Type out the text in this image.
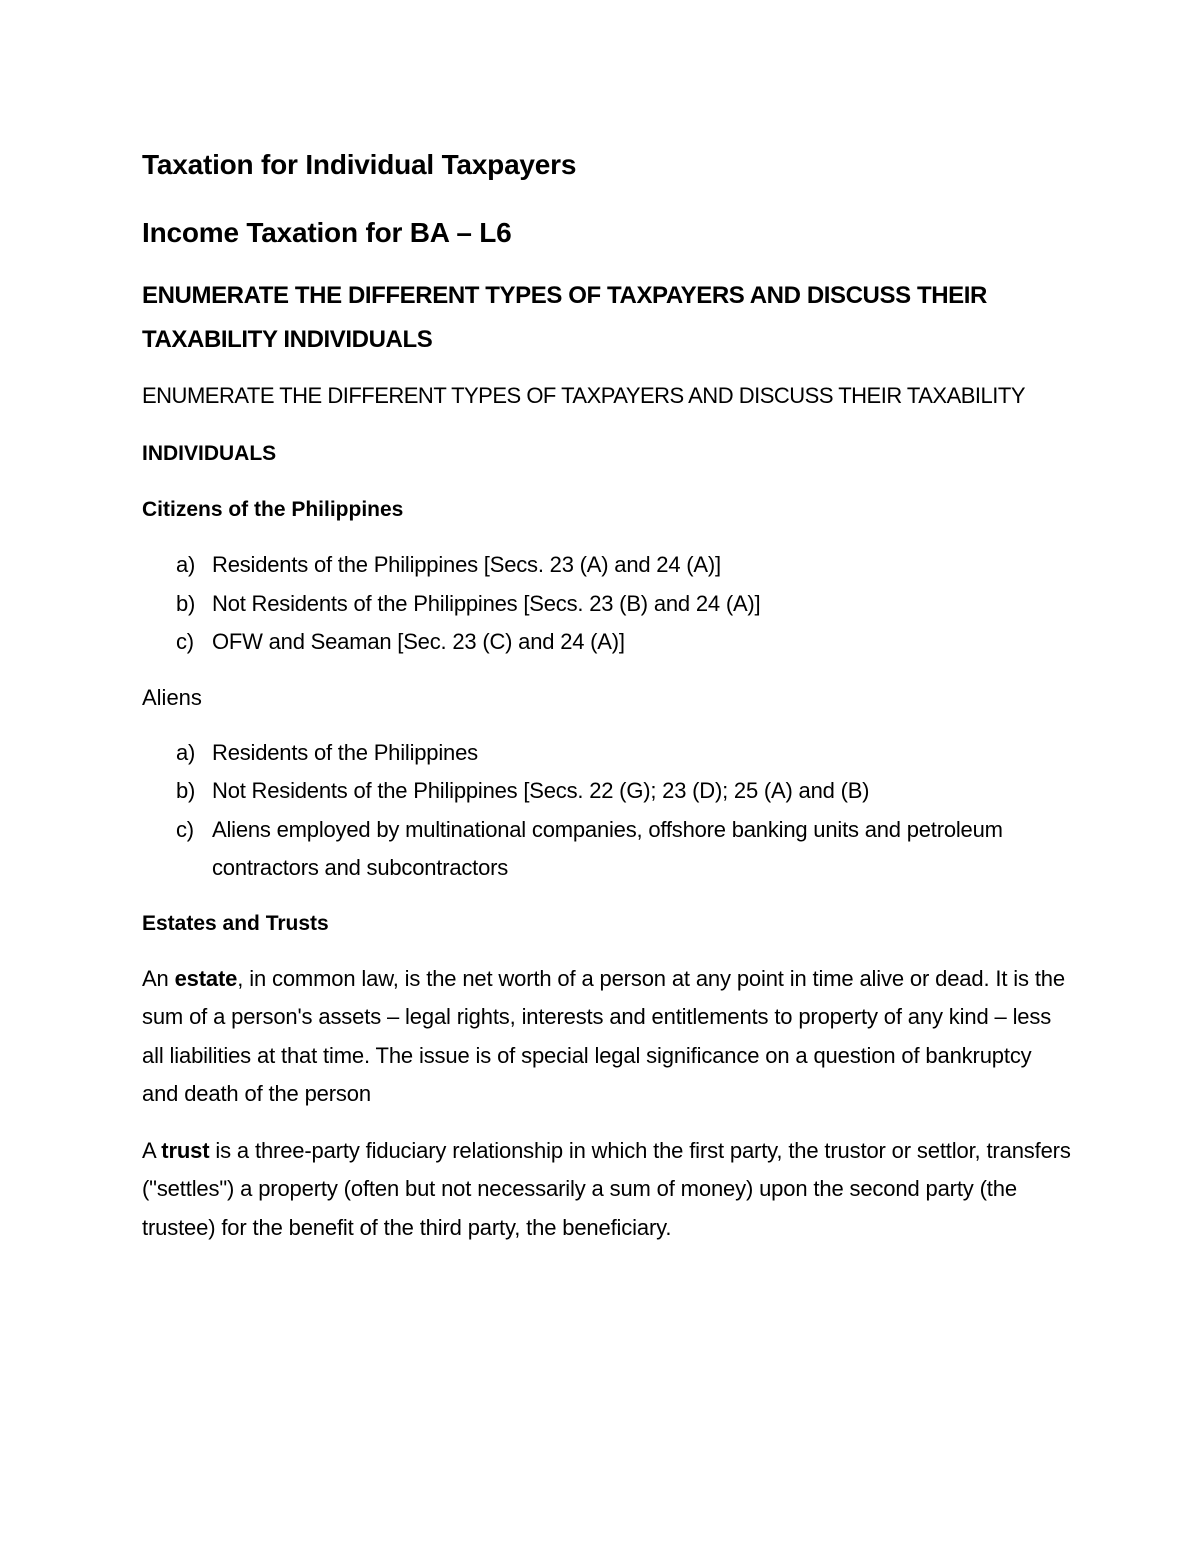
Taxation for Individual Taxpayers
Income Taxation for BA – L6
ENUMERATE THE DIFFERENT TYPES OF TAXPAYERS AND DISCUSS THEIR TAXABILITY INDIVIDUALS
ENUMERATE THE DIFFERENT TYPES OF TAXPAYERS AND DISCUSS THEIR TAXABILITY
INDIVIDUALS
Citizens of the Philippines
a) Residents of the Philippines [Secs. 23 (A) and 24 (A)]
b) Not Residents of the Philippines [Secs. 23 (B) and 24 (A)]
c) OFW and Seaman [Sec. 23 (C) and 24 (A)]
Aliens
a) Residents of the Philippines
b) Not Residents of the Philippines [Secs. 22 (G); 23 (D); 25 (A) and (B)
c) Aliens employed by multinational companies, offshore banking units and petroleum contractors and subcontractors
Estates and Trusts

An estate, in common law, is the net worth of a person at any point in time alive or dead. It is the sum of a person's assets – legal rights, interests and entitlements to property of any kind – less all liabilities at that time. The issue is of special legal significance on a question of bankruptcy and death of the person

A trust is a three-party fiduciary relationship in which the first party, the trustor or settlor, transfers ("settles") a property (often but not necessarily a sum of money) upon the second party (the trustee) for the benefit of the third party, the beneficiary.
